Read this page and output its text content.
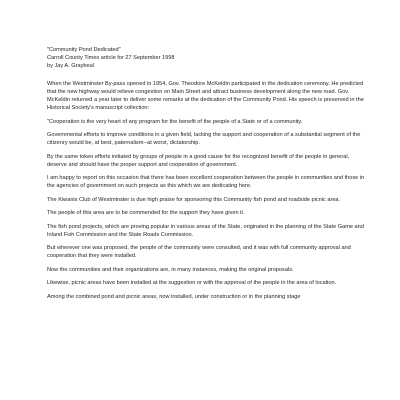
"Community Pond Dedicated"

Carroll County Times article for 27 September 1998

by Jay A. Graybeal

When the Westminster By-pass opened in 1954, Gov. Theodore McKeldin participated in the dedication ceremony. He predicted that the new highway would relieve congestion on Main Street and attract business development along the new road. Gov. McKeldin returned a year later to deliver some remarks at the dedication of the Community Pond. His speech is preserved in the Historical Society's manuscript collection:

"Cooperation is the very heart of any program for the benefit of the people of a State or of a community.

Governmental efforts to improve conditions in a given field, lacking the support and cooperation of a substantial segment of the citizenry would be, at best, paternalism--at worst, dictatorship.

By the same token efforts initiated by groups of people in a good cause for the recognized benefit of the people in general, deserve and should have the proper support and cooperation of government.

I am happy to report on this occasion that there has been excellent cooperation between the people in communities and those in the agencies of government on such projects as this which we are dedicating here.

The Kiwanis Club of Westminster is due high praise for sponsoring this Community fish pond and roadside picnic area.

The people of this area are to be commended for the support they have given it.

The fish pond projects, which are proving popular in various areas of the State, originated in the planning of the State Game and Inland Fish Commission and the State Roads Commission.

But wherever one was proposed, the people of the community were consulted, and it was with full community approval and cooperation that they were installed.

Now the communities and their organizations are, in many instances, making the original proposals.

Likewise, picnic areas have been installed at the suggestion or with the approval of the people in the area of location.

Among the combined pond and picnic areas, now installed, under construction or in the planning stage
